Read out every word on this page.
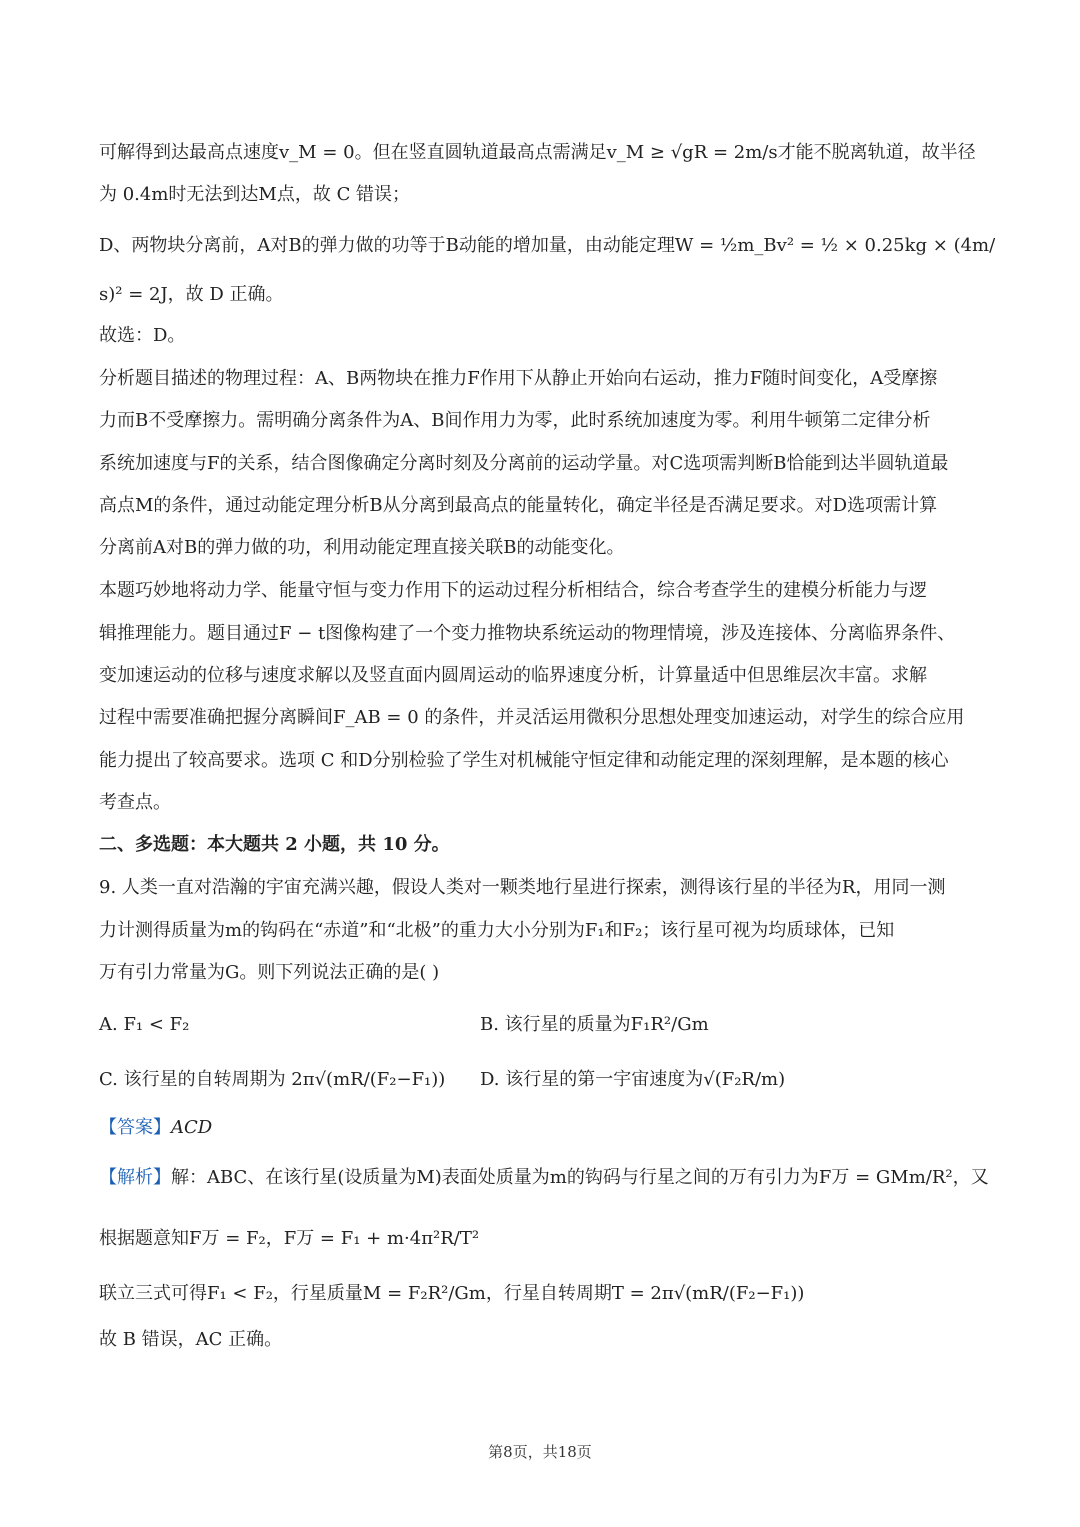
可解得到达最高点速度v_M = 0。但在竖直圆轨道最高点需满足v_M ≥ √gR = 2m/s才能不脱离轨道，故半径
为 0.4m时无法到达M点，故 C 错误；
D、两物块分离前，A对B的弹力做的功等于B动能的增加量，由动能定理W = ½m_Bv² = ½ × 0.25kg × (4m/
s)² = 2J，故 D 正确。
故选：D。
分析题目描述的物理过程：A、B两物块在推力F作用下从静止开始向右运动，推力F随时间变化，A受摩擦
力而B不受摩擦力。需明确分离条件为A、B间作用力为零，此时系统加速度为零。利用牛顿第二定律分析
系统加速度与F的关系，结合图像确定分离时刻及分离前的运动学量。对C选项需判断B恰能到达半圆轨道最
高点M的条件，通过动能定理分析B从分离到最高点的能量转化，确定半径是否满足要求。对D选项需计算
分离前A对B的弹力做的功，利用动能定理直接关联B的动能变化。
本题巧妙地将动力学、能量守恒与变力作用下的运动过程分析相结合，综合考查学生的建模分析能力与逻
辑推理能力。题目通过F − t图像构建了一个变力推物块系统运动的物理情境，涉及连接体、分离临界条件、
变加速运动的位移与速度求解以及竖直面内圆周运动的临界速度分析，计算量适中但思维层次丰富。求解
过程中需要准确把握分离瞬间F_AB = 0 的条件，并灵活运用微积分思想处理变加速运动，对学生的综合应用
能力提出了较高要求。选项 C 和D分别检验了学生对机械能守恒定律和动能定理的深刻理解，是本题的核心
考查点。
二、多选题：本大题共 2 小题，共 10 分。
9. 人类一直对浩瀚的宇宙充满兴趣，假设人类对一颗类地行星进行探索，测得该行星的半径为R，用同一测
力计测得质量为m的钩码在“赤道”和“北极”的重力大小分别为F₁和F₂；该行星可视为均质球体，已知
万有引力常量为G。则下列说法正确的是( )
A. F₁ < F₂	B. 该行星的质量为F₁R²/Gm
C. 该行星的自转周期为 2π√(mR/(F₂−F₁)) D. 该行星的第一宇宙速度为√(F₂R/m)
【答案】ACD
【解析】解：ABC、在该行星(设质量为M)表面处质量为m的钩码与行星之间的万有引力为F万 = GMm/R²，又
根据题意知F万 = F₂，F万 = F₁ + m·4π²R/T²
联立三式可得F₁ < F₂，行星质量M = F₂R²/Gm，行星自转周期T = 2π√(mR/(F₂−F₁))
故 B 错误，AC 正确。
第8页，共18页
